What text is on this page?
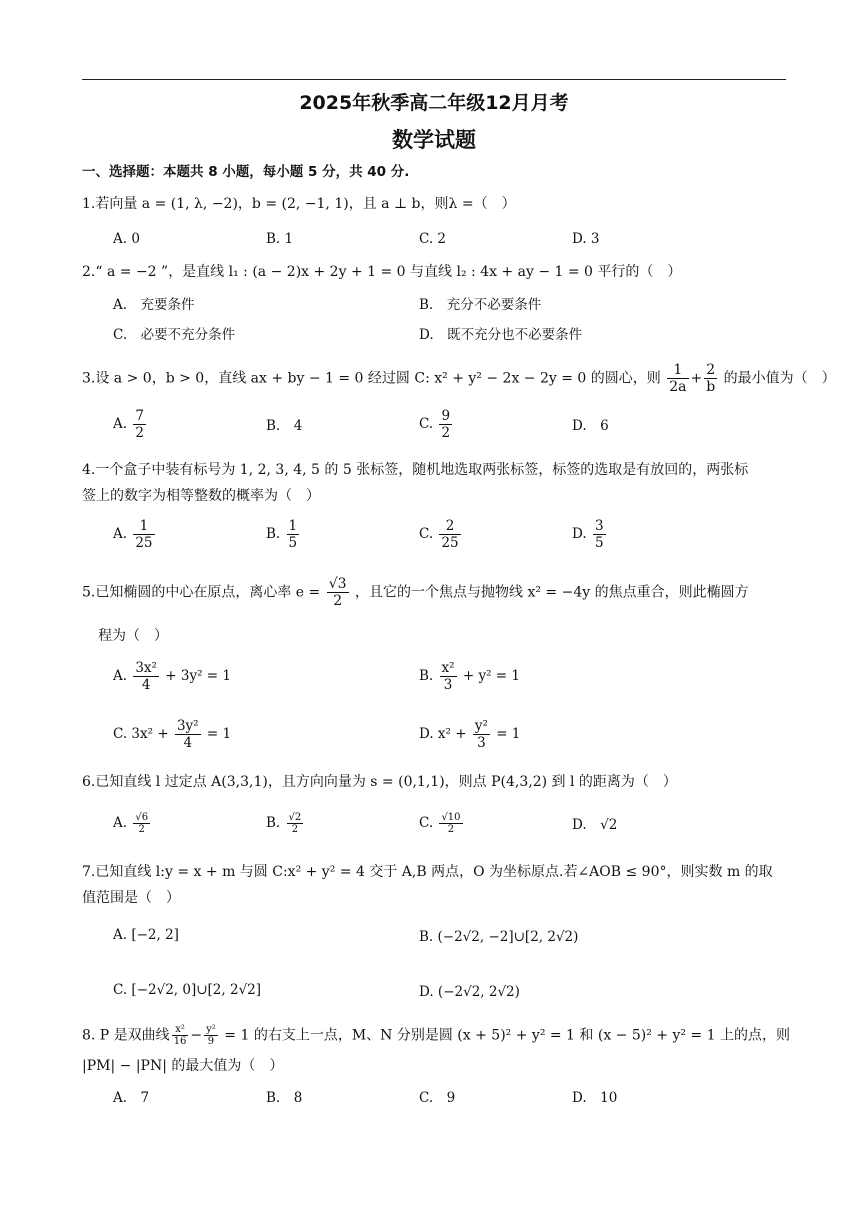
2025年秋季高二年级12月月考
数学试题
一、选择题：本题共 8 小题，每小题 5 分，共 40 分.
1.若向量 a = (1, λ, −2)，b = (2, −1, 1)，且 a ⊥ b，则λ =（　）
A. 0	B. 1	C. 2	D. 3
2.“ a = −2 ”，是直线 l₁ : (a − 2)x + 2y + 1 = 0 与直线 l₂ : 4x + ay − 1 = 0 平行的（　）
A.　充要条件	B.　充分不必要条件
C.　必要不充分条件	D.　既不充分也不必要条件
3.设 a > 0，b > 0，直线 ax + by − 1 = 0 经过圆 C: x² + y² − 2x − 2y = 0 的圆心，则 $\frac{1}{2a} + \frac{2}{b}$ 的最小值为（　）
A. $\frac{7}{2}$	B.　4	C. $\frac{9}{2}$	D.　6
4.一个盒子中装有标号为 1, 2, 3, 4, 5 的 5 张标签，随机地选取两张标签，标签的选取是有放回的，两张标
签上的数字为相等整数的概率为（　）
A. $\frac{1}{25}$	B. $\frac{1}{5}$	C. $\frac{2}{25}$	D. $\frac{3}{5}$
5.已知椭圆的中心在原点，离心率 $e = \frac{√3}{2}$ ，且它的一个焦点与抛物线 x² = −4y 的焦点重合，则此椭圆方
程为（　）
A. $\frac{\text{3x²}}{4} + 3y^2 = 1$	B. $\frac{\text{x²}}{3} + y^2 = 1$
C. $3x^2 + \frac{\text{3y²}}{4} = 1$	D. $x^2 + \frac{\text{y²}}{3} = 1$
6.已知直线 l 过定点 A(3,3,1)，且方向向量为 s = (0,1,1)，则点 P(4,3,2) 到 l 的距离为（　）
A. $\frac{√6}{2}$	B. $\frac{√2}{2}$	C. $\frac{√10}{2}$	D.　√2
7.已知直线 l:y = x + m 与圆 C:x² + y² = 4 交于 A,B 两点，O 为坐标原点.若∠AOB ≤ 90°，则实数 m 的取
值范围是（　）
A. [−2, 2]	B. (−2√2, −2]∪[2, 2√2)
C. [−2√2, 0]∪[2, 2√2]	D. (−2√2, 2√2)
8. P 是双曲线 $\frac{\text{x²}}{16} - \frac{\text{y²}}{9} = 1$ 的右支上一点，M、N 分别是圆 (x + 5)² + y² = 1 和 (x − 5)² + y² = 1 上的点，则
|PM| − |PN| 的最大值为（　）
A.　7	B.　8	C.　9	D.　10
